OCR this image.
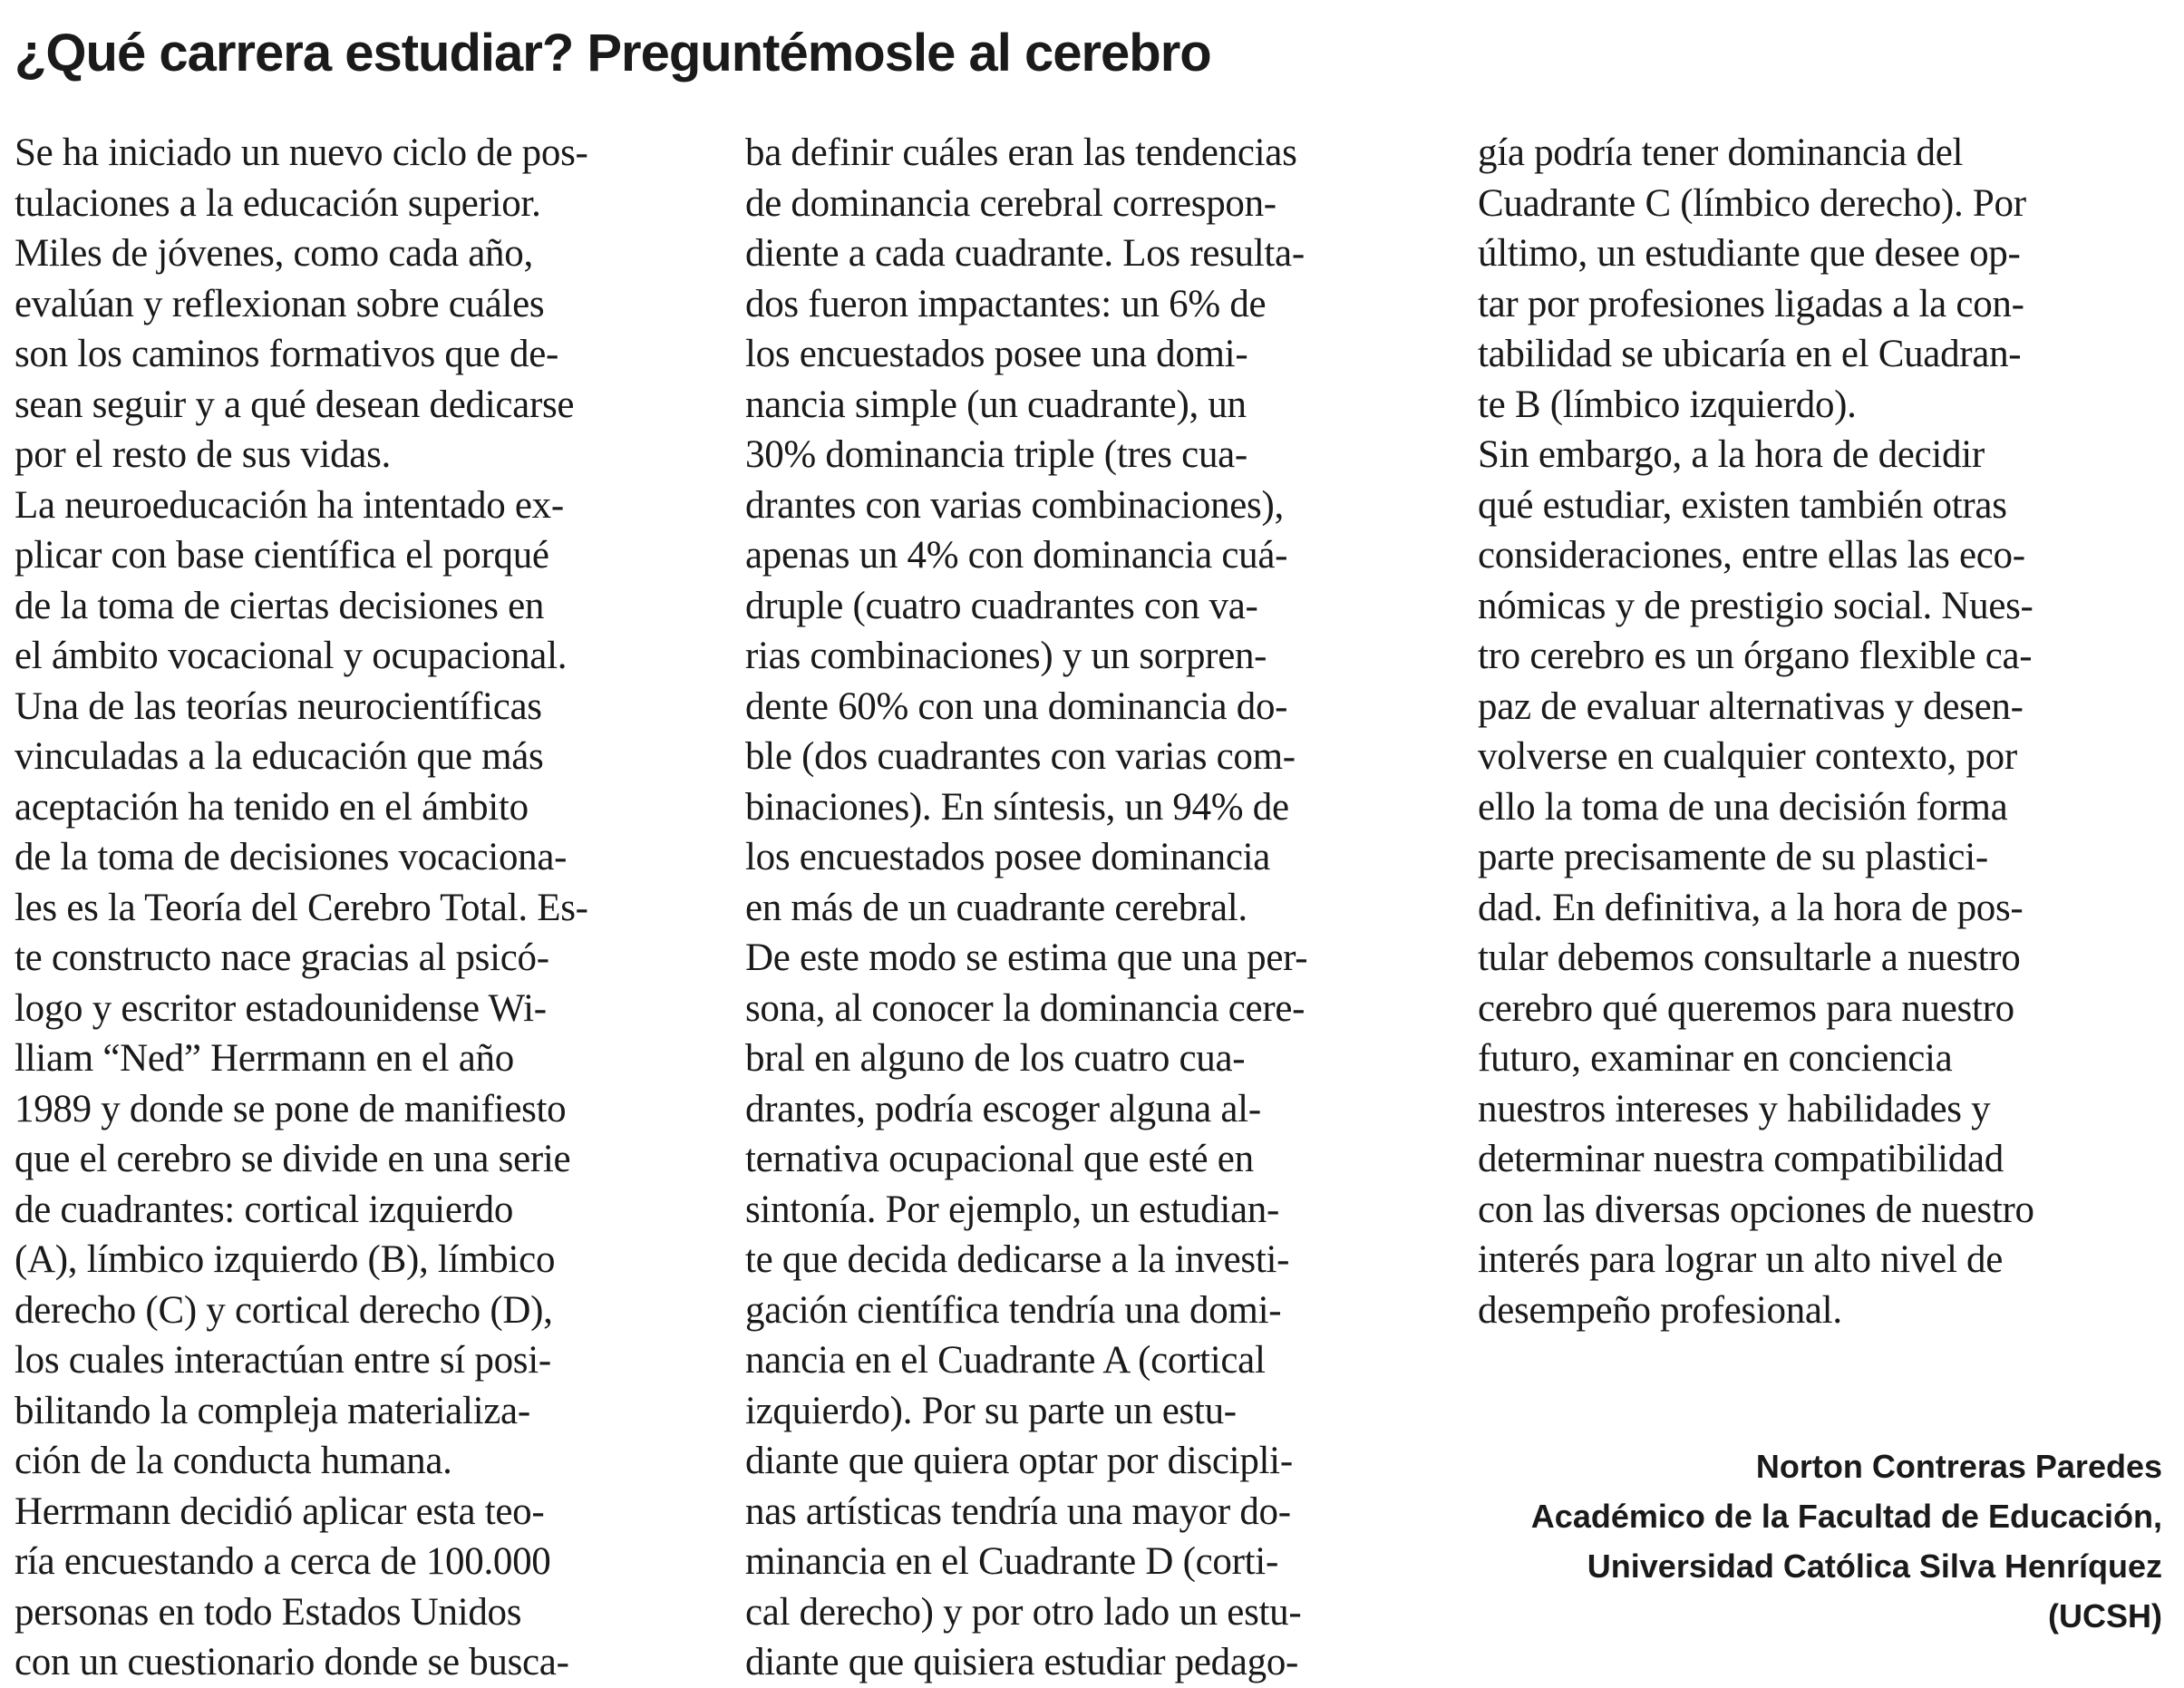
¿Qué carrera estudiar? Preguntémosle al cerebro
Se ha iniciado un nuevo ciclo de pos-
tulaciones a la educación superior.
Miles de jóvenes, como cada año,
evalúan y reflexionan sobre cuáles
son los caminos formativos que de-
sean seguir y a qué desean dedicarse
por el resto de sus vidas.
La neuroeducación ha intentado ex-
plicar con base científica el porqué
de la toma de ciertas decisiones en
el ámbito vocacional y ocupacional.
Una de las teorías neurocientíficas
vinculadas a la educación que más
aceptación ha tenido en el ámbito
de la toma de decisiones vocaciona-
les es la Teoría del Cerebro Total. Es-
te constructo nace gracias al psicó-
logo y escritor estadounidense Wi-
lliam “Ned” Herrmann en el año
1989 y donde se pone de manifiesto
que el cerebro se divide en una serie
de cuadrantes: cortical izquierdo
(A), límbico izquierdo (B), límbico
derecho (C) y cortical derecho (D),
los cuales interactúan entre sí posi-
bilitando la compleja materializa-
ción de la conducta humana.
Herrmann decidió aplicar esta teo-
ría encuestando a cerca de 100.000
personas en todo Estados Unidos
con un cuestionario donde se busca-
ba definir cuáles eran las tendencias
de dominancia cerebral correspon-
diente a cada cuadrante. Los resulta-
dos fueron impactantes: un 6% de
los encuestados posee una domi-
nancia simple (un cuadrante), un
30% dominancia triple (tres cua-
drantes con varias combinaciones),
apenas un 4% con dominancia cuá-
druple (cuatro cuadrantes con va-
rias combinaciones) y un sorpren-
dente 60% con una dominancia do-
ble (dos cuadrantes con varias com-
binaciones). En síntesis, un 94% de
los encuestados posee dominancia
en más de un cuadrante cerebral.
De este modo se estima que una per-
sona, al conocer la dominancia cere-
bral en alguno de los cuatro cua-
drantes, podría escoger alguna al-
ternativa ocupacional que esté en
sintonía. Por ejemplo, un estudian-
te que decida dedicarse a la investi-
gación científica tendría una domi-
nancia en el Cuadrante A (cortical
izquierdo). Por su parte un estu-
diante que quiera optar por discipli-
nas artísticas tendría una mayor do-
minancia en el Cuadrante D (corti-
cal derecho) y por otro lado un estu-
diante que quisiera estudiar pedago-
gía podría tener dominancia del
Cuadrante C (límbico derecho). Por
último, un estudiante que desee op-
tar por profesiones ligadas a la con-
tabilidad se ubicaría en el Cuadran-
te B (límbico izquierdo).
Sin embargo, a la hora de decidir
qué estudiar, existen también otras
consideraciones, entre ellas las eco-
nómicas y de prestigio social. Nues-
tro cerebro es un órgano flexible ca-
paz de evaluar alternativas y desen-
volverse en cualquier contexto, por
ello la toma de una decisión forma
parte precisamente de su plastici-
dad. En definitiva, a la hora de pos-
tular debemos consultarle a nuestro
cerebro qué queremos para nuestro
futuro, examinar en conciencia
nuestros intereses y habilidades y
determinar nuestra compatibilidad
con las diversas opciones de nuestro
interés para lograr un alto nivel de
desempeño profesional.
Norton Contreras Paredes
Académico de la Facultad de Educación,
Universidad Católica Silva Henríquez
(UCSH)
